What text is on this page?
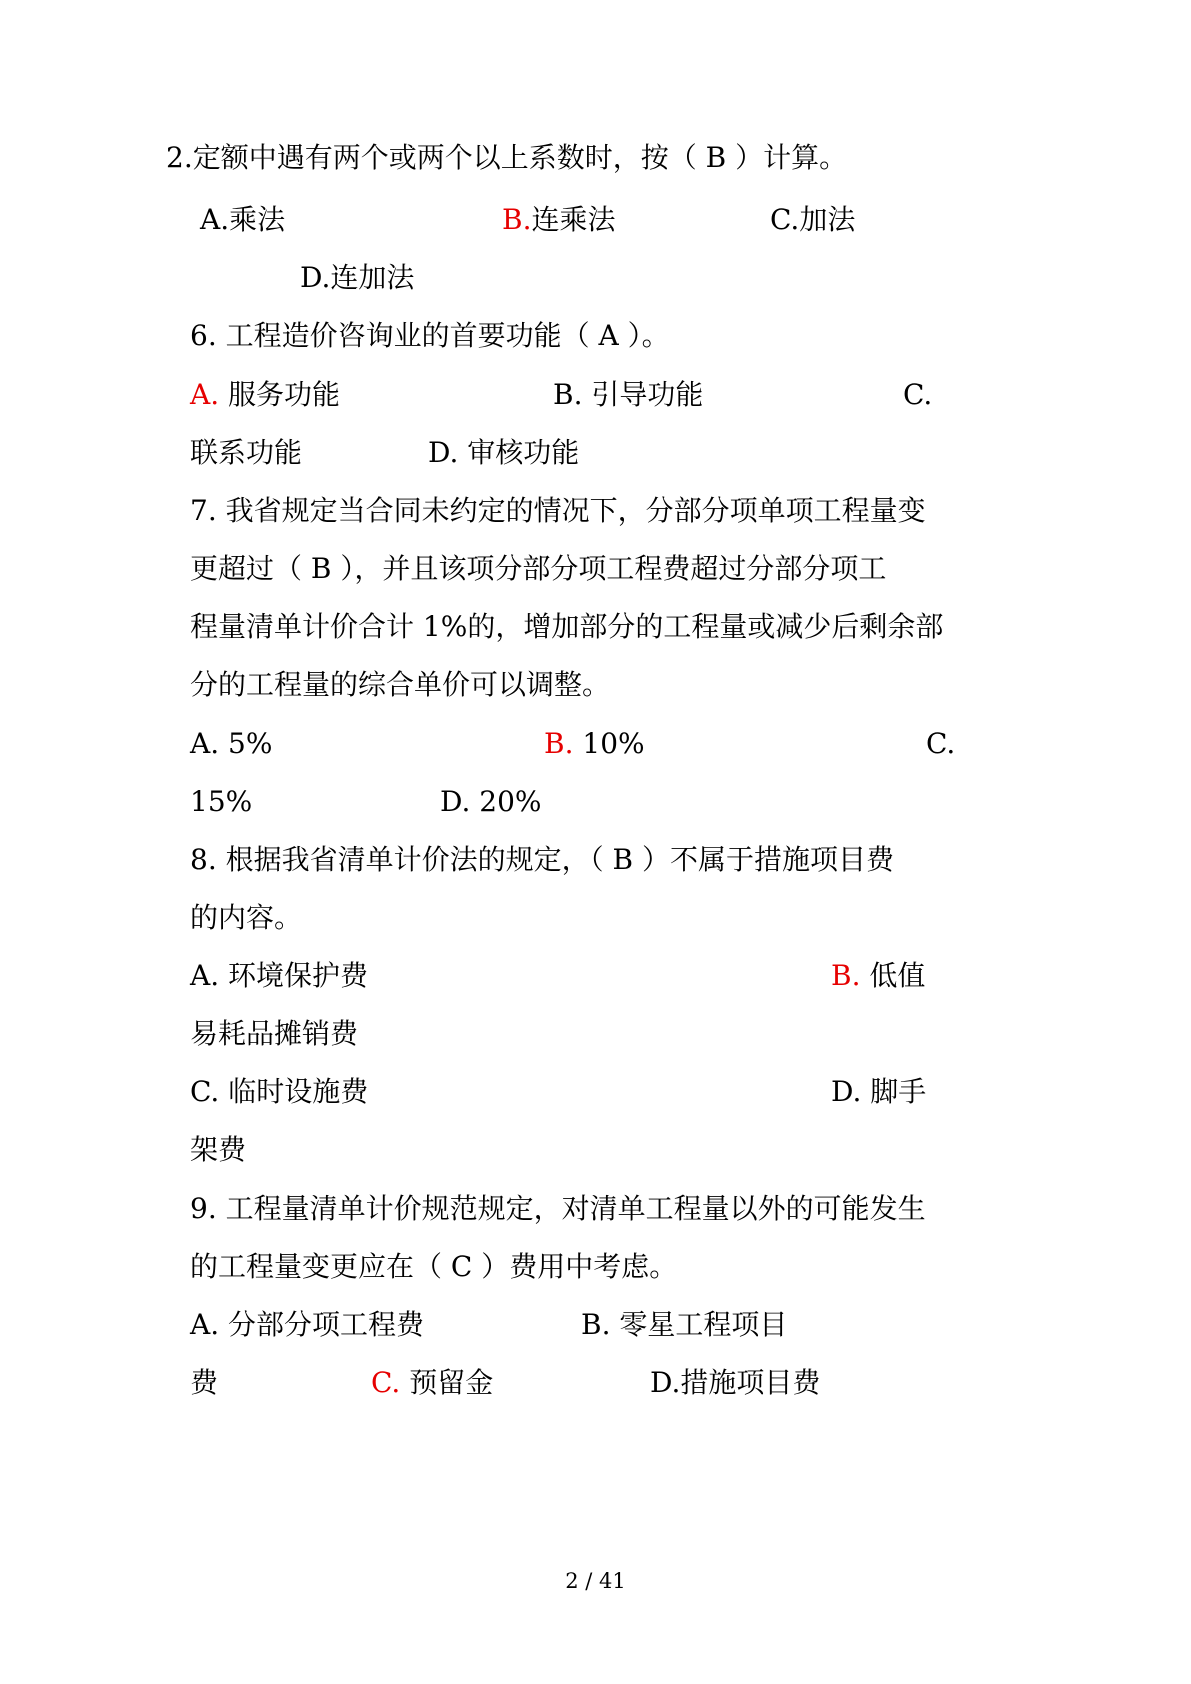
2.定额中遇有两个或两个以上系数时，按（ B ）计算。
A.乘法	B.连乘法	C.加法
D.连加法
6. 工程造价咨询业的首要功能（ A ）。
A. 服务功能	B. 引导功能	C.
联系功能	D. 审核功能
7. 我省规定当合同未约定的情况下，分部分项单项工程量变
更超过（ B ），并且该项分部分项工程费超过分部分项工
程量清单计价合计 1%的，增加部分的工程量或减少后剩余部
分的工程量的综合单价可以调整。
A. 5%	B. 10%	C.
15%	D. 20%
8. 根据我省清单计价法的规定，（ B ）不属于措施项目费
的内容。
A. 环境保护费	B. 低值
易耗品摊销费
C. 临时设施费	D. 脚手
架费
9. 工程量清单计价规范规定，对清单工程量以外的可能发生
的工程量变更应在（ C ）费用中考虑。
A. 分部分项工程费	B. 零星工程项目
费	C. 预留金	D.措施项目费
2 / 41
